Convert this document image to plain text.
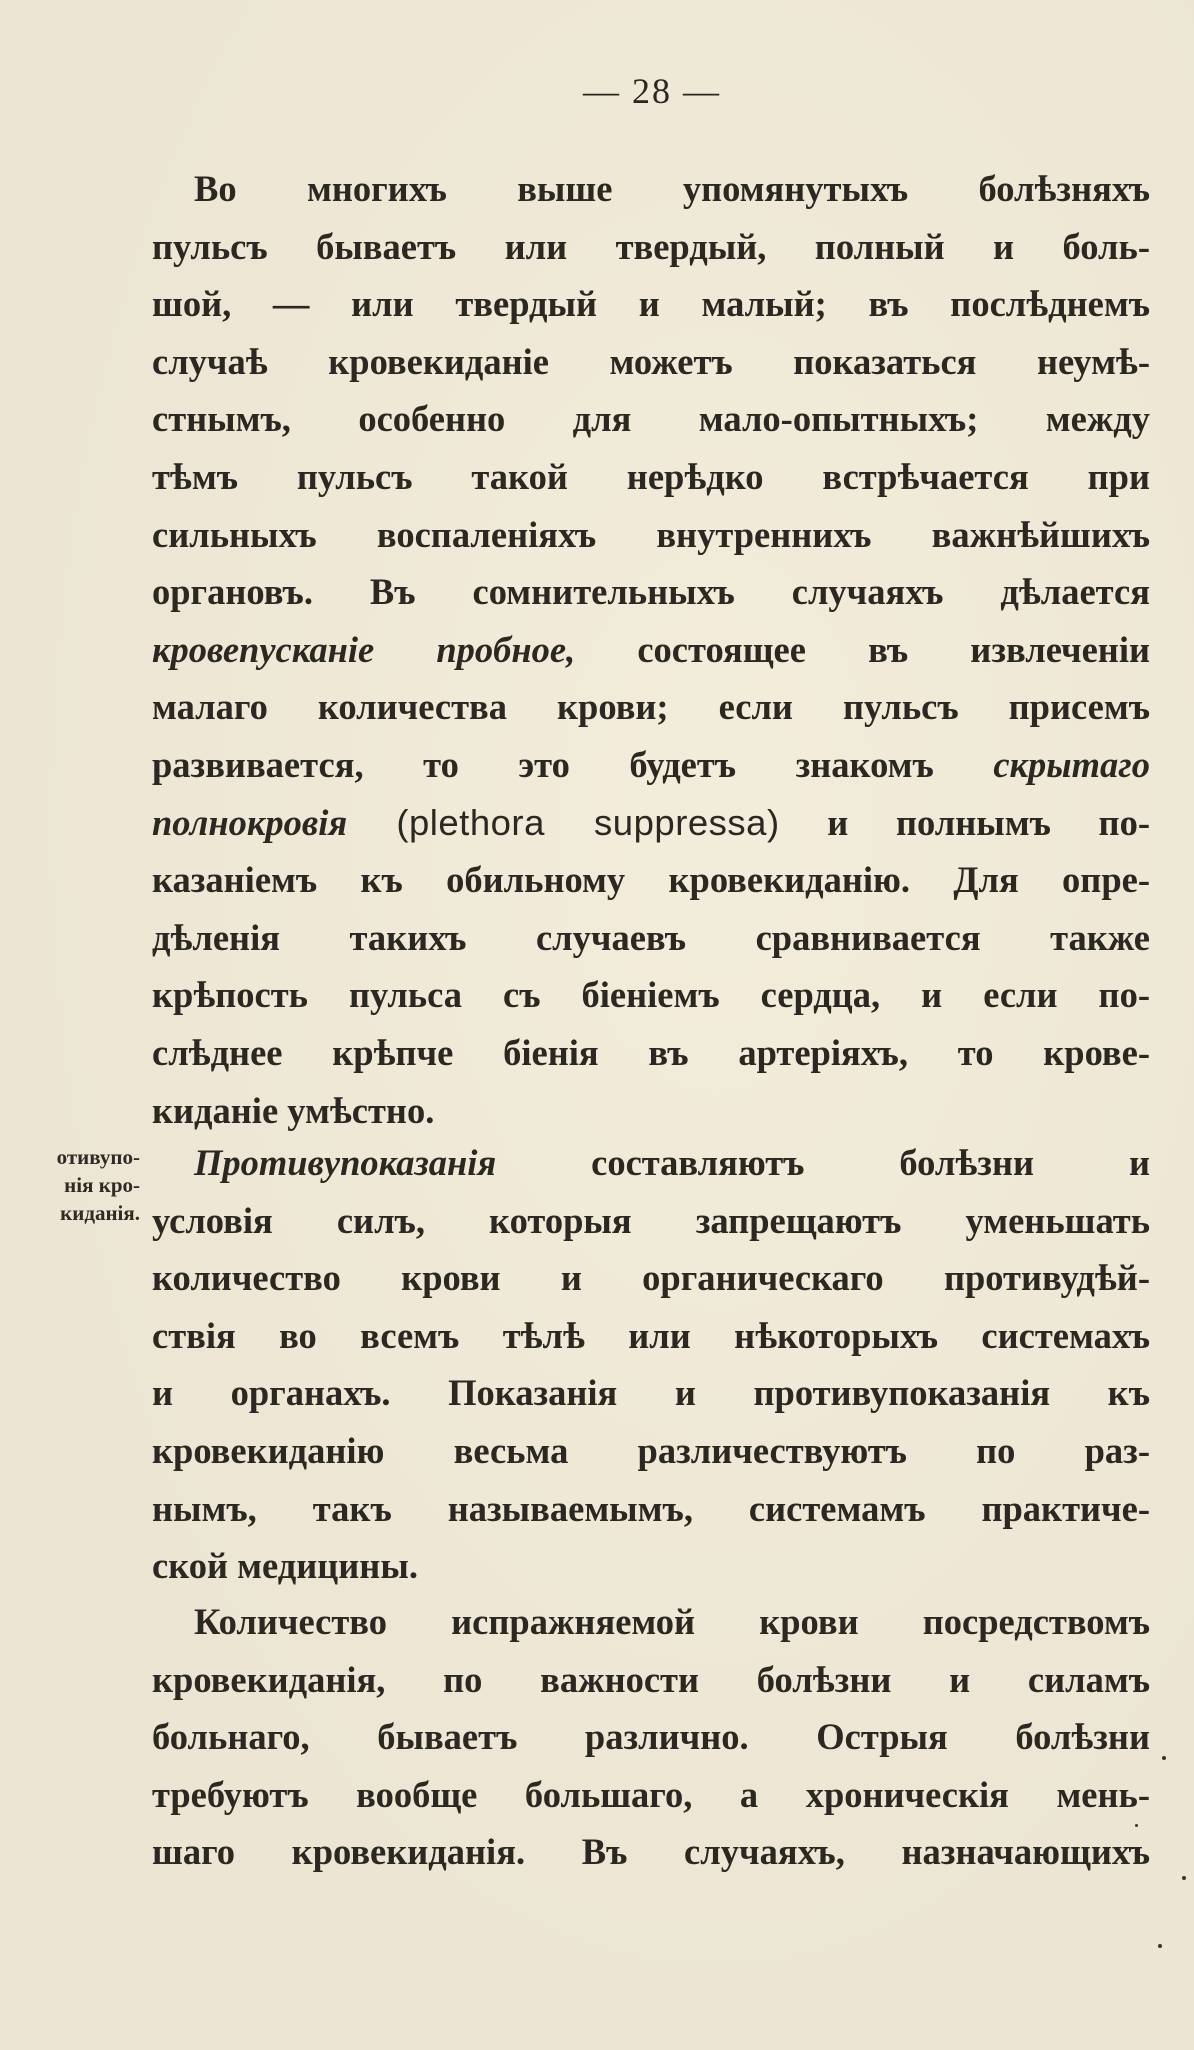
— 28 —
Во многихъ выше упомянутыхъ болѣзняхъ
пульсъ бываетъ или твердый, полный и боль-
шой, — или твердый и малый; въ послѣднемъ
случаѣ кровекиданіе можетъ показаться неумѣ-
стнымъ, особенно для мало-опытныхъ; между
тѣмъ пульсъ такой нерѣдко встрѣчается при
сильныхъ воспаленіяхъ внутреннихъ важнѣйшихъ
органовъ. Въ сомнительныхъ случаяхъ дѣлается
кровепусканіе пробное, состоящее въ извлеченіи
малаго количества крови; если пульсъ присемъ
развивается, то это будетъ знакомъ скрытаго
полнокровія (plethora suppressa) и полнымъ по-
казаніемъ къ обильному кровекиданію. Для опре-
дѣленія такихъ случаевъ сравнивается также
крѣпость пульса съ біеніемъ сердца, и если по-
слѣднее крѣпче біенія въ артеріяхъ, то крове-
киданіе умѣстно.
отивупо-
нія кро-
киданія.
Противупоказанія составляютъ болѣзни и
условія силъ, которыя запрещаютъ уменьшать
количество крови и органическаго противудѣй-
ствія во всемъ тѣлѣ или нѣкоторыхъ системахъ
и органахъ. Показанія и противупоказанія къ
кровекиданію весьма различествуютъ по раз-
нымъ, такъ называемымъ, системамъ практиче-
ской медицины.
Количество испражняемой крови посредствомъ
кровекиданія, по важности болѣзни и силамъ
больнаго, бываетъ различно. Острыя болѣзни
требуютъ вообще большаго, а хроническія мень-
шаго кровекиданія. Въ случаяхъ, назначающихъ
